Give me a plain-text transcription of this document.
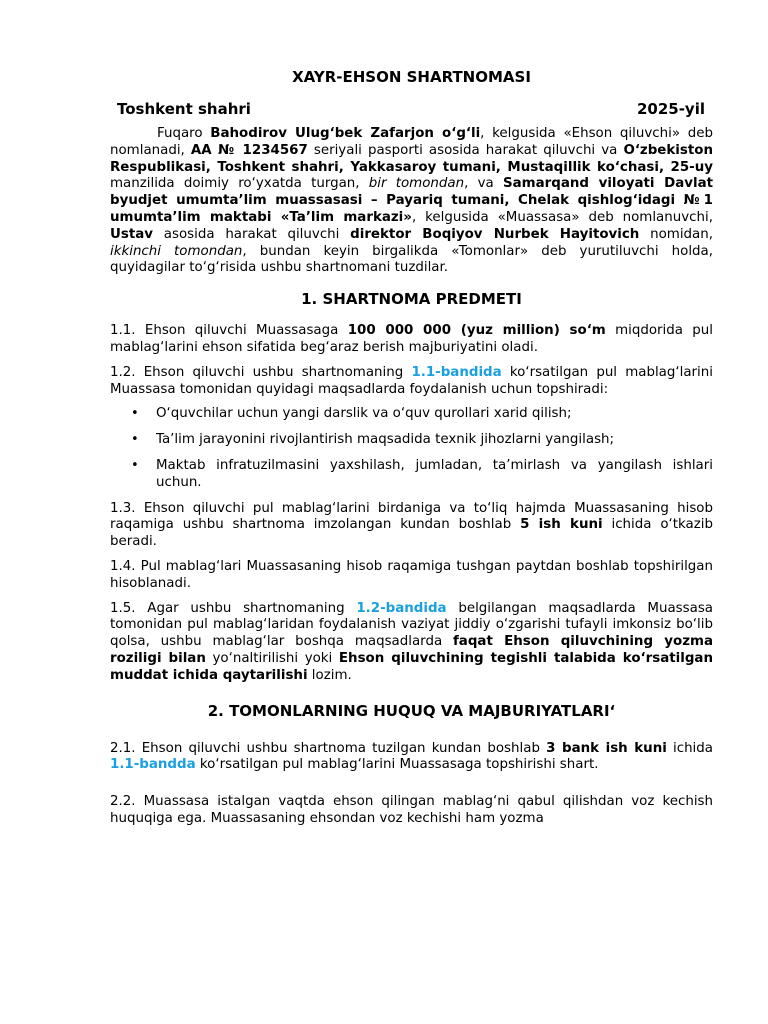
XAYR-EHSON SHARTNOMASI
Toshkent shahri	2025-yil

Fuqaro Bahodirov Ulug‘bek Zafarjon o‘g‘li, kelgusida «Ehson qiluvchi» deb nomlanadi, AA № 1234567 seriyali pasporti asosida harakat qiluvchi va O‘zbekiston Respublikasi, Toshkent shahri, Yakkasaroy tumani, Mustaqillik ko‘chasi, 25-uy manzilida doimiy ro‘yxatda turgan, bir tomondan, va Samarqand viloyati Davlat byudjet umumta’lim muassasasi – Payariq tumani, Chelak qishlog‘idagi №1 umumta’lim maktabi «Ta’lim markazi», kelgusida «Muassasa» deb nomlanuvchi, Ustav asosida harakat qiluvchi direktor Boqiyov Nurbek Hayitovich nomidan, ikkinchi tomondan, bundan keyin birgalikda «Tomonlar» deb yurutiluvchi holda, quyidagilar to‘g‘risida ushbu shartnomani tuzdilar.

1. SHARTNOMA PREDMETI

1.1. Ehson qiluvchi Muassasaga 100 000 000 (yuz million) so‘m miqdorida pul mablag‘larini ehson sifatida beg‘araz berish majburiyatini oladi.

1.2. Ehson qiluvchi ushbu shartnomaning 1.1-bandida ko‘rsatilgan pul mablag‘larini Muassasa tomonidan quyidagi maqsadlarda foydalanish uchun topshiradi:

• O‘quvchilar uchun yangi darslik va o‘quv qurollari xarid qilish;
• Ta’lim jarayonini rivojlantirish maqsadida texnik jihozlarni yangilash;
• Maktab infratuzilmasini yaxshilash, jumladan, ta’mirlash va yangilash ishlari uchun.

1.3. Ehson qiluvchi pul mablag‘larini birdaniga va to‘liq hajmda Muassasaning hisob raqamiga ushbu shartnoma imzolangan kundan boshlab 5 ish kuni ichida o‘tkazib beradi.

1.4. Pul mablag‘lari Muassasaning hisob raqamiga tushgan paytdan boshlab topshirilgan hisoblanadi.

1.5. Agar ushbu shartnomaning 1.2-bandida belgilangan maqsadlarda Muassasa tomonidan pul mablag‘laridan foydalanish vaziyat jiddiy o‘zgarishi tufayli imkonsiz bo‘lib qolsa, ushbu mablag‘lar boshqa maqsadlarda faqat Ehson qiluvchining yozma roziligi bilan yo‘naltirilishi yoki Ehson qiluvchining tegishli talabida ko‘rsatilgan muddat ichida qaytarilishi lozim.

2. TOMONLARNING HUQUQ VA MAJBURIYATLARI‘

2.1. Ehson qiluvchi ushbu shartnoma tuzilgan kundan boshlab 3 bank ish kuni ichida 1.1-bandda ko‘rsatilgan pul mablag‘larini Muassasaga topshirishi shart.

2.2. Muassasa istalgan vaqtda ehson qilingan mablag‘ni qabul qilishdan voz kechish huquqiga ega. Muassasaning ehsondan voz kechishi ham yozma
